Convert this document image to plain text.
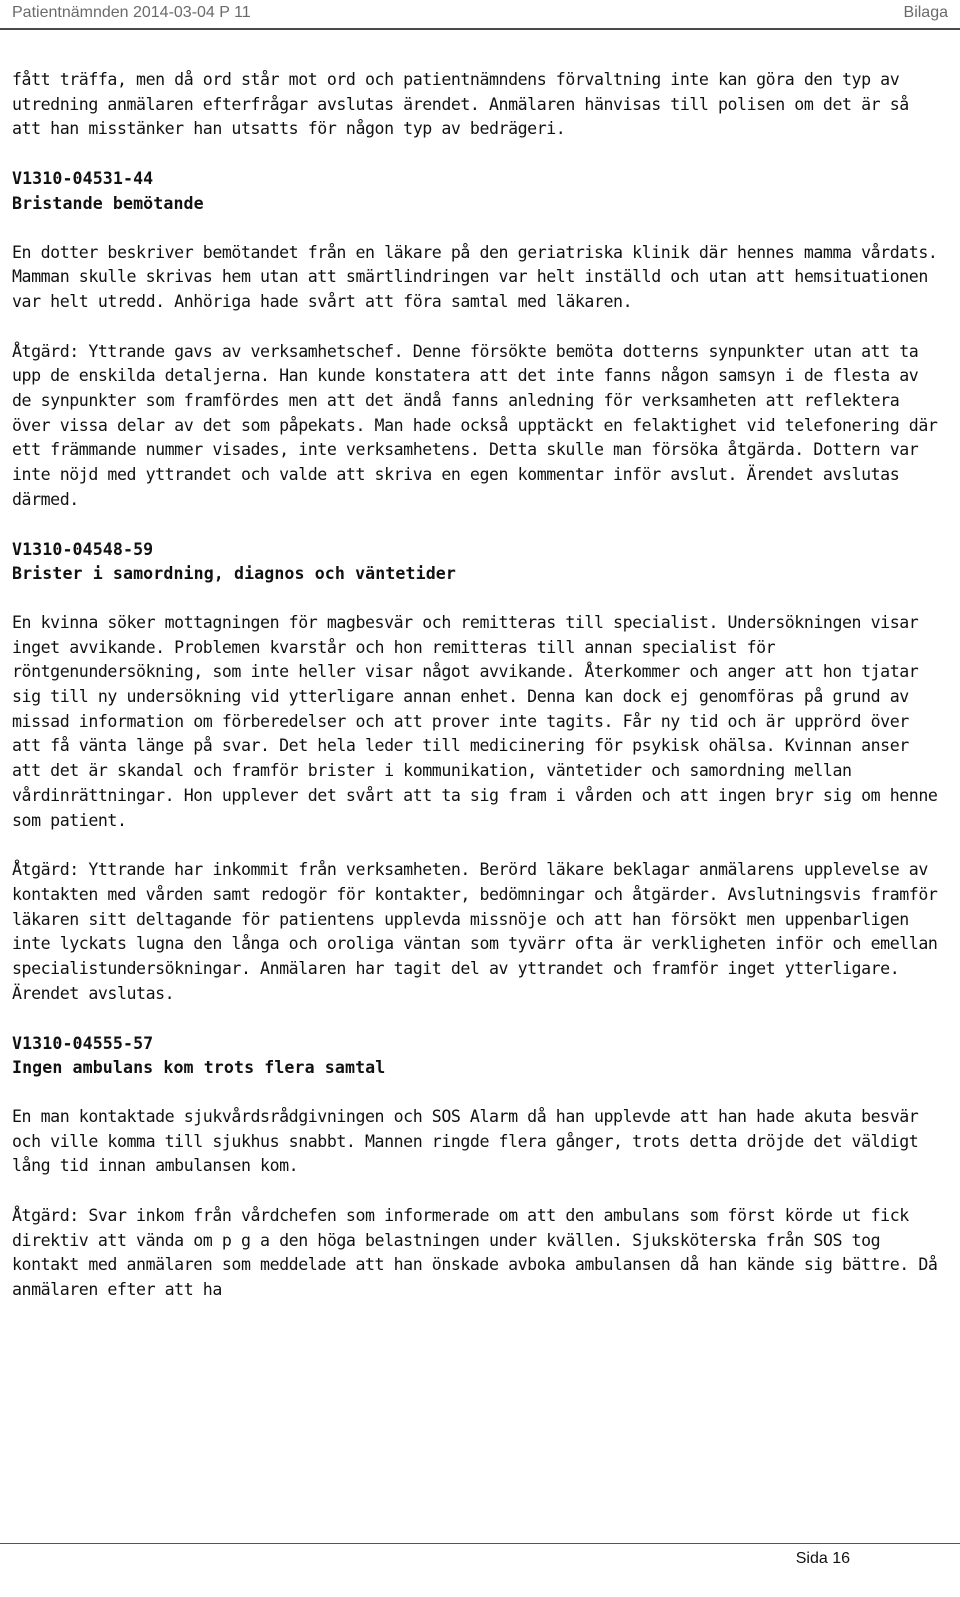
Patientnämnden 2014-03-04 P 11	Bilaga

fått träffa, men då ord står mot ord och patientnämndens förvaltning inte kan göra den typ av utredning anmälaren efterfrågar avslutas ärendet. Anmälaren hänvisas till polisen om det är så att han misstänker han utsatts för någon typ av bedrägeri.

V1310-04531-44
Bristande bemötande

En dotter beskriver bemötandet från en läkare på den geriatriska klinik där hennes mamma vårdats. Mamman skulle skrivas hem utan att smärtlindringen var helt inställd och utan att hemsituationen var helt utredd. Anhöriga hade svårt att föra samtal med läkaren.

Åtgärd: Yttrande gavs av verksamhetschef. Denne försökte bemöta dotterns synpunkter utan att ta upp de enskilda detaljerna. Han kunde konstatera att det inte fanns någon samsyn i de flesta av de synpunkter som framfördes men att det ändå fanns anledning för verksamheten att reflektera över vissa delar av det som påpekats. Man hade också upptäckt en felaktighet vid telefonering där ett främmande nummer visades, inte verksamhetens. Detta skulle man försöka åtgärda. Dottern var inte nöjd med yttrandet och valde att skriva en egen kommentar inför avslut. Ärendet avslutas därmed.

V1310-04548-59
Brister i samordning, diagnos och väntetider

En kvinna söker mottagningen för magbesvär och remitteras till specialist. Undersökningen visar inget avvikande. Problemen kvarstår och hon remitteras till annan specialist för röntgenundersökning, som inte heller visar något avvikande. Återkommer och anger att hon tjatar sig till ny undersökning vid ytterligare annan enhet. Denna kan dock ej genomföras på grund av missad information om förberedelser och att prover inte tagits. Får ny tid och är upprörd över att få vänta länge på svar. Det hela leder till medicinering för psykisk ohälsa. Kvinnan anser att det är skandal och framför brister i kommunikation, väntetider och samordning mellan vårdinrättningar. Hon upplever det svårt att ta sig fram i vården och att ingen bryr sig om henne som patient.

Åtgärd: Yttrande har inkommit från verksamheten. Berörd läkare beklagar anmälarens upplevelse av kontakten med vården samt redogör för kontakter, bedömningar och åtgärder. Avslutningsvis framför läkaren sitt deltagande för patientens upplevda missnöje och att han försökt men uppenbarligen inte lyckats lugna den långa och oroliga väntan som tyvärr ofta är verkligheten inför och emellan specialistundersökningar. Anmälaren har tagit del av yttrandet och framför inget ytterligare. Ärendet avslutas.

V1310-04555-57
Ingen ambulans kom trots flera samtal

En man kontaktade sjukvårdsrådgivningen och SOS Alarm då han upplevde att han hade akuta besvär och ville komma till sjukhus snabbt. Mannen ringde flera gånger, trots detta dröjde det väldigt lång tid innan ambulansen kom.

Åtgärd: Svar inkom från vårdchefen som informerade om att den ambulans som först körde ut fick direktiv att vända om p g a den höga belastningen under kvällen. Sjuksköterska från SOS tog kontakt med anmälaren som meddelade att han önskade avboka ambulansen då han kände sig bättre. Då anmälaren efter att ha

Sida 16
